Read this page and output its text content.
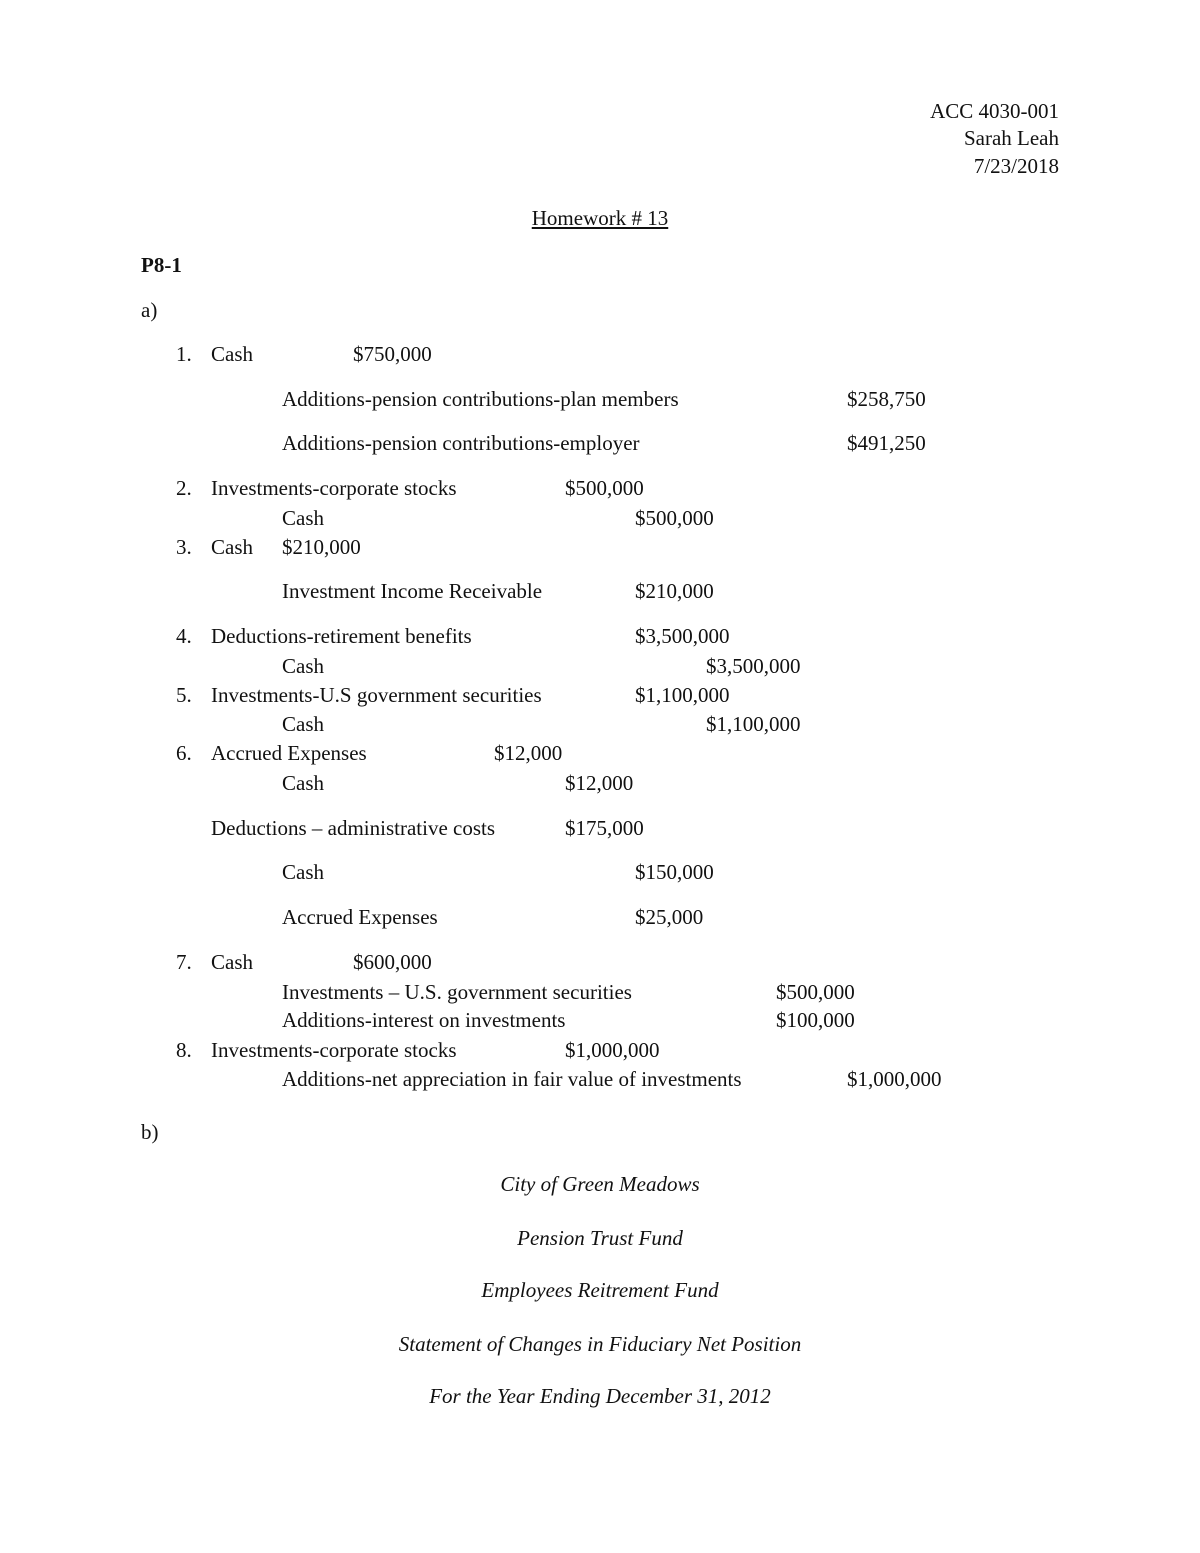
ACC 4030-001
Sarah Leah
7/23/2018
Homework # 13
P8-1
a)
1. Cash	$750,000
Additions-pension contributions-plan members	$258,750
Additions-pension contributions-employer	$491,250
2. Investments-corporate stocks	$500,000
Cash	$500,000
3. Cash $210,000
Investment Income Receivable	$210,000
4. Deductions-retirement benefits	$3,500,000
Cash	$3,500,000
5. Investments-U.S government securities	$1,100,000
Cash	$1,100,000
6. Accrued Expenses	$12,000
Cash	$12,000
Deductions – administrative costs	$175,000
Cash	$150,000
Accrued Expenses	$25,000
7. Cash	$600,000
Investments – U.S. government securities	$500,000
Additions-interest on investments	$100,000
8. Investments-corporate stocks	$1,000,000
Additions-net appreciation in fair value of investments	$1,000,000
b)
City of Green Meadows
Pension Trust Fund
Employees Reitrement Fund
Statement of Changes in Fiduciary Net Position
For the Year Ending December 31, 2012
